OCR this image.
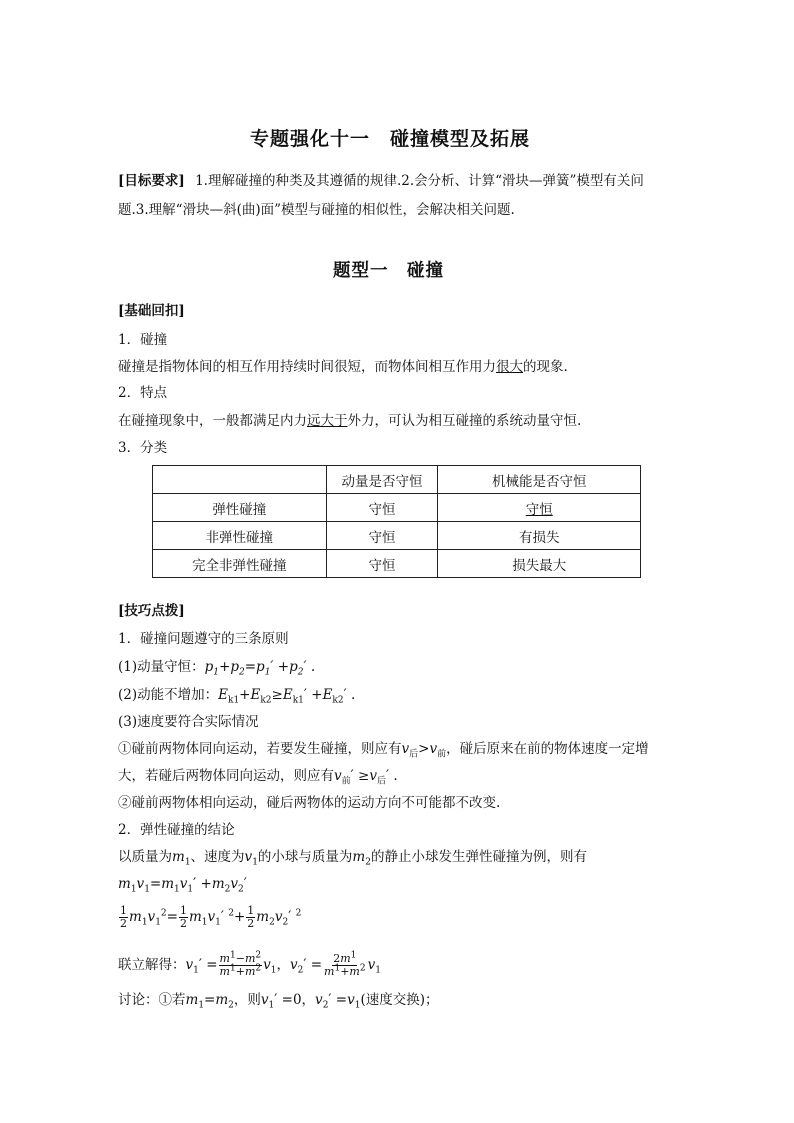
专题强化十一　碰撞模型及拓展
[目标要求] 1.理解碰撞的种类及其遵循的规律.2.会分析、计算“滑块—弹簧”模型有关问
题.3.理解“滑块—斜(曲)面”模型与碰撞的相似性，会解决相关问题.
题型一　碰撞
[基础回扣]
1．碰撞
碰撞是指物体间的相互作用持续时间很短，而物体间相互作用力很大的现象.
2．特点
在碰撞现象中，一般都满足内力远大于外力，可认为相互碰撞的系统动量守恒.
3．分类
	动量是否守恒	机械能是否守恒
弹性碰撞	守恒	守恒
非弹性碰撞	守恒	有损失
完全非弹性碰撞	守恒	损失最大
[技巧点拨]
1．碰撞问题遵守的三条原则
(1)动量守恒：$p_1+p_2=p_1' +p_2'$ .
(2)动能不增加：$E_{k1}+E_{k2}\ge E_{k1}' +E_{k2}'$ .
(3)速度要符合实际情况
①碰前两物体同向运动，若要发生碰撞，则应有$v_后>v_前$，碰后原来在前的物体速度一定增
大，若碰后两物体同向运动，则应有$v_前' \ge v_后'$ .
②碰前两物体相向运动，碰后两物体的运动方向不可能都不改变.
2．弹性碰撞的结论
以质量为$m_1$、速度为$v_1$的小球与质量为$m_2$的静止小球发生弹性碰撞为例，则有
$m_1v_1=m_1v_1' +m_2v_2'$
$\frac{1}{2} m_1v_1^2= \frac{1}{2} m_1v_1'$ $^2+ \frac{1}{2} m_2v_2'$ $^2$
联立解得：$v_1' = \frac{m^1-m^2}{m^1+m^2} v_1$，$v_2' = \frac{2m^1}{m^1+m^2} v_1$
讨论：①若$m_1=m_2$，则$v_1' =0$，$v_2' =v_1$(速度交换)；
